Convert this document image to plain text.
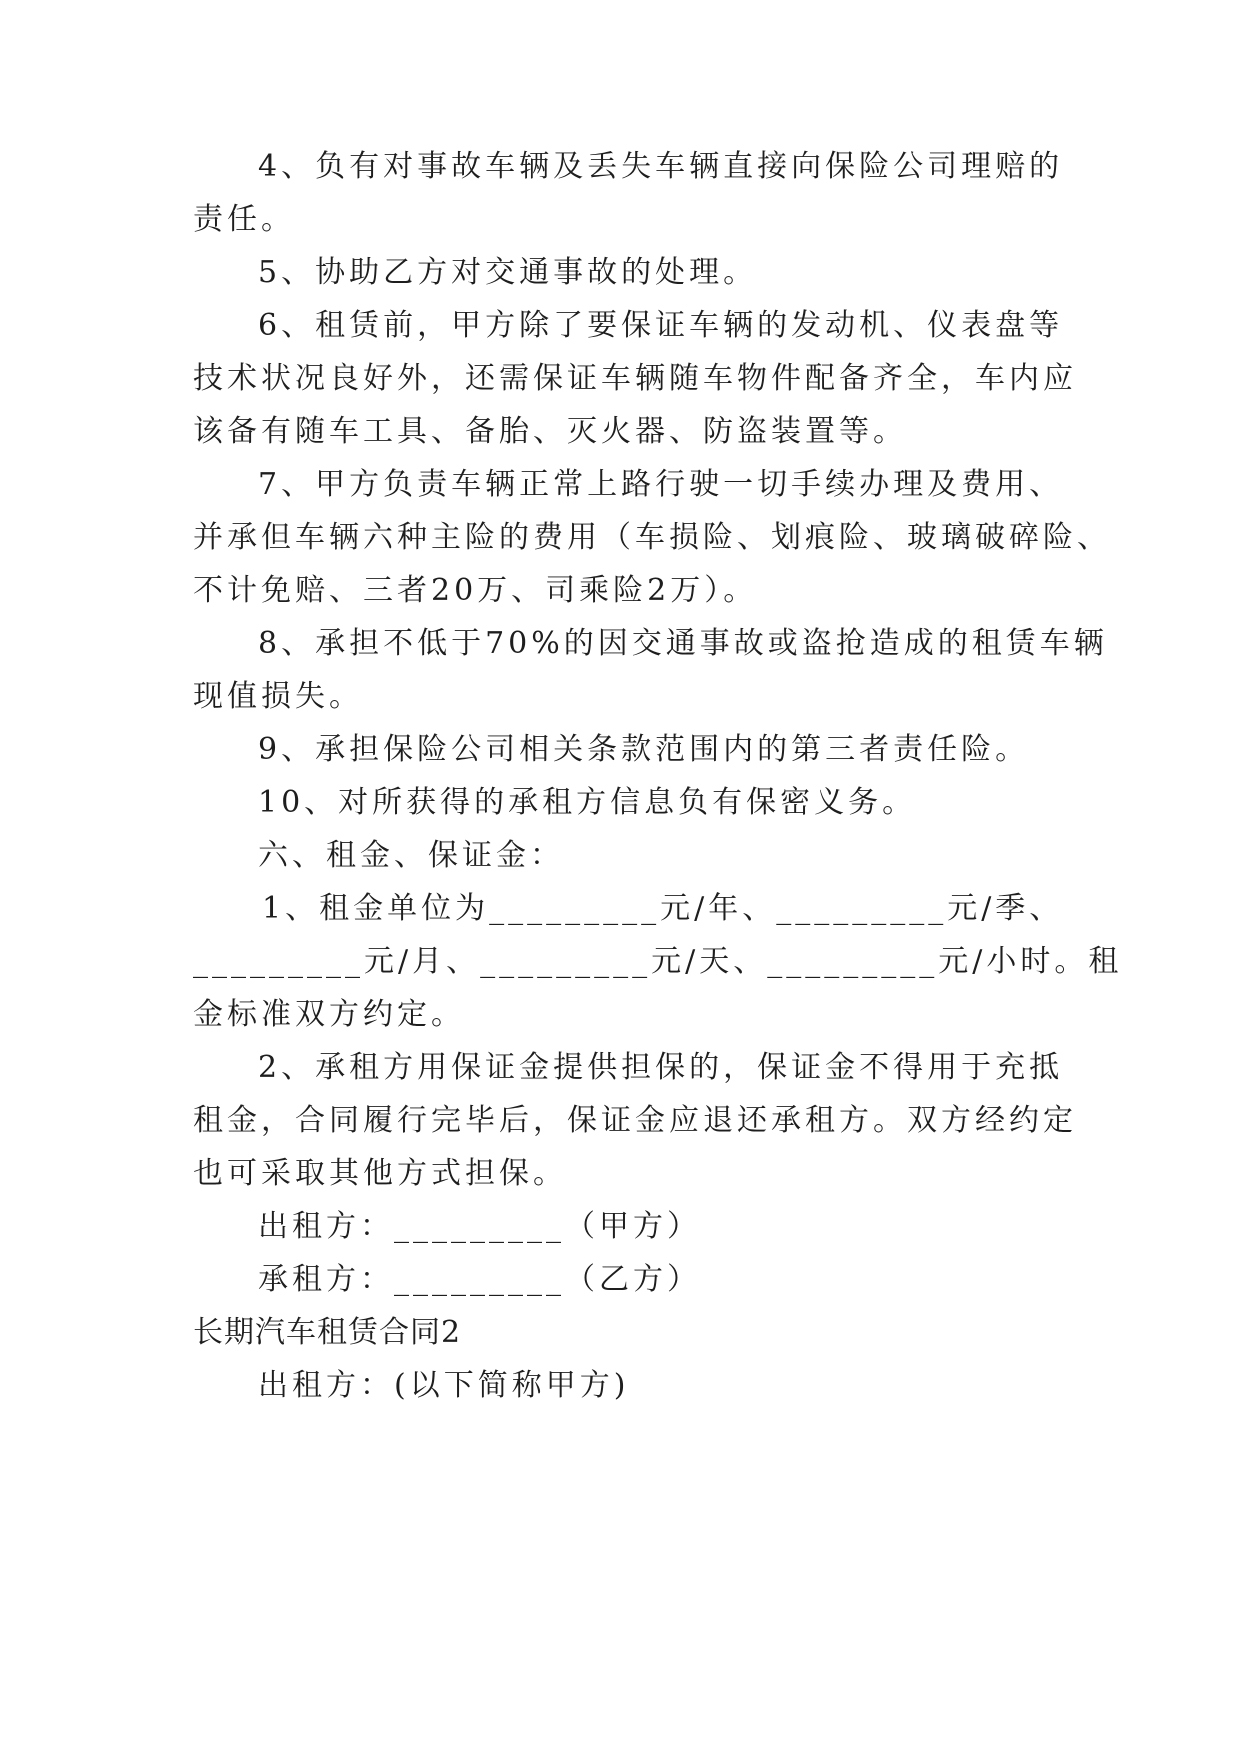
4、负有对事故车辆及丢失车辆直接向保险公司理赔的
责任。
5、协助乙方对交通事故的处理。
6、租赁前，甲方除了要保证车辆的发动机、仪表盘等
技术状况良好外，还需保证车辆随车物件配备齐全，车内应
该备有随车工具、备胎、灭火器、防盗装置等。
7、甲方负责车辆正常上路行驶一切手续办理及费用、
并承但车辆六种主险的费用（车损险、划痕险、玻璃破碎险、
不计免赔、三者20万、司乘险2万）。
8、承担不低于70%的因交通事故或盗抢造成的租赁车辆
现值损失。
9、承担保险公司相关条款范围内的第三者责任险。
10、对所获得的承租方信息负有保密义务。
六、租金、保证金：
1、租金单位为_________元/年、_________元/季、
_________元/月、_________元/天、_________元/小时。租
金标准双方约定。
2、承租方用保证金提供担保的，保证金不得用于充抵
租金，合同履行完毕后，保证金应退还承租方。双方经约定
也可采取其他方式担保。
出租方：_________（甲方）
承租方：_________（乙方）
长期汽车租赁合同2
出租方：(以下简称甲方)
